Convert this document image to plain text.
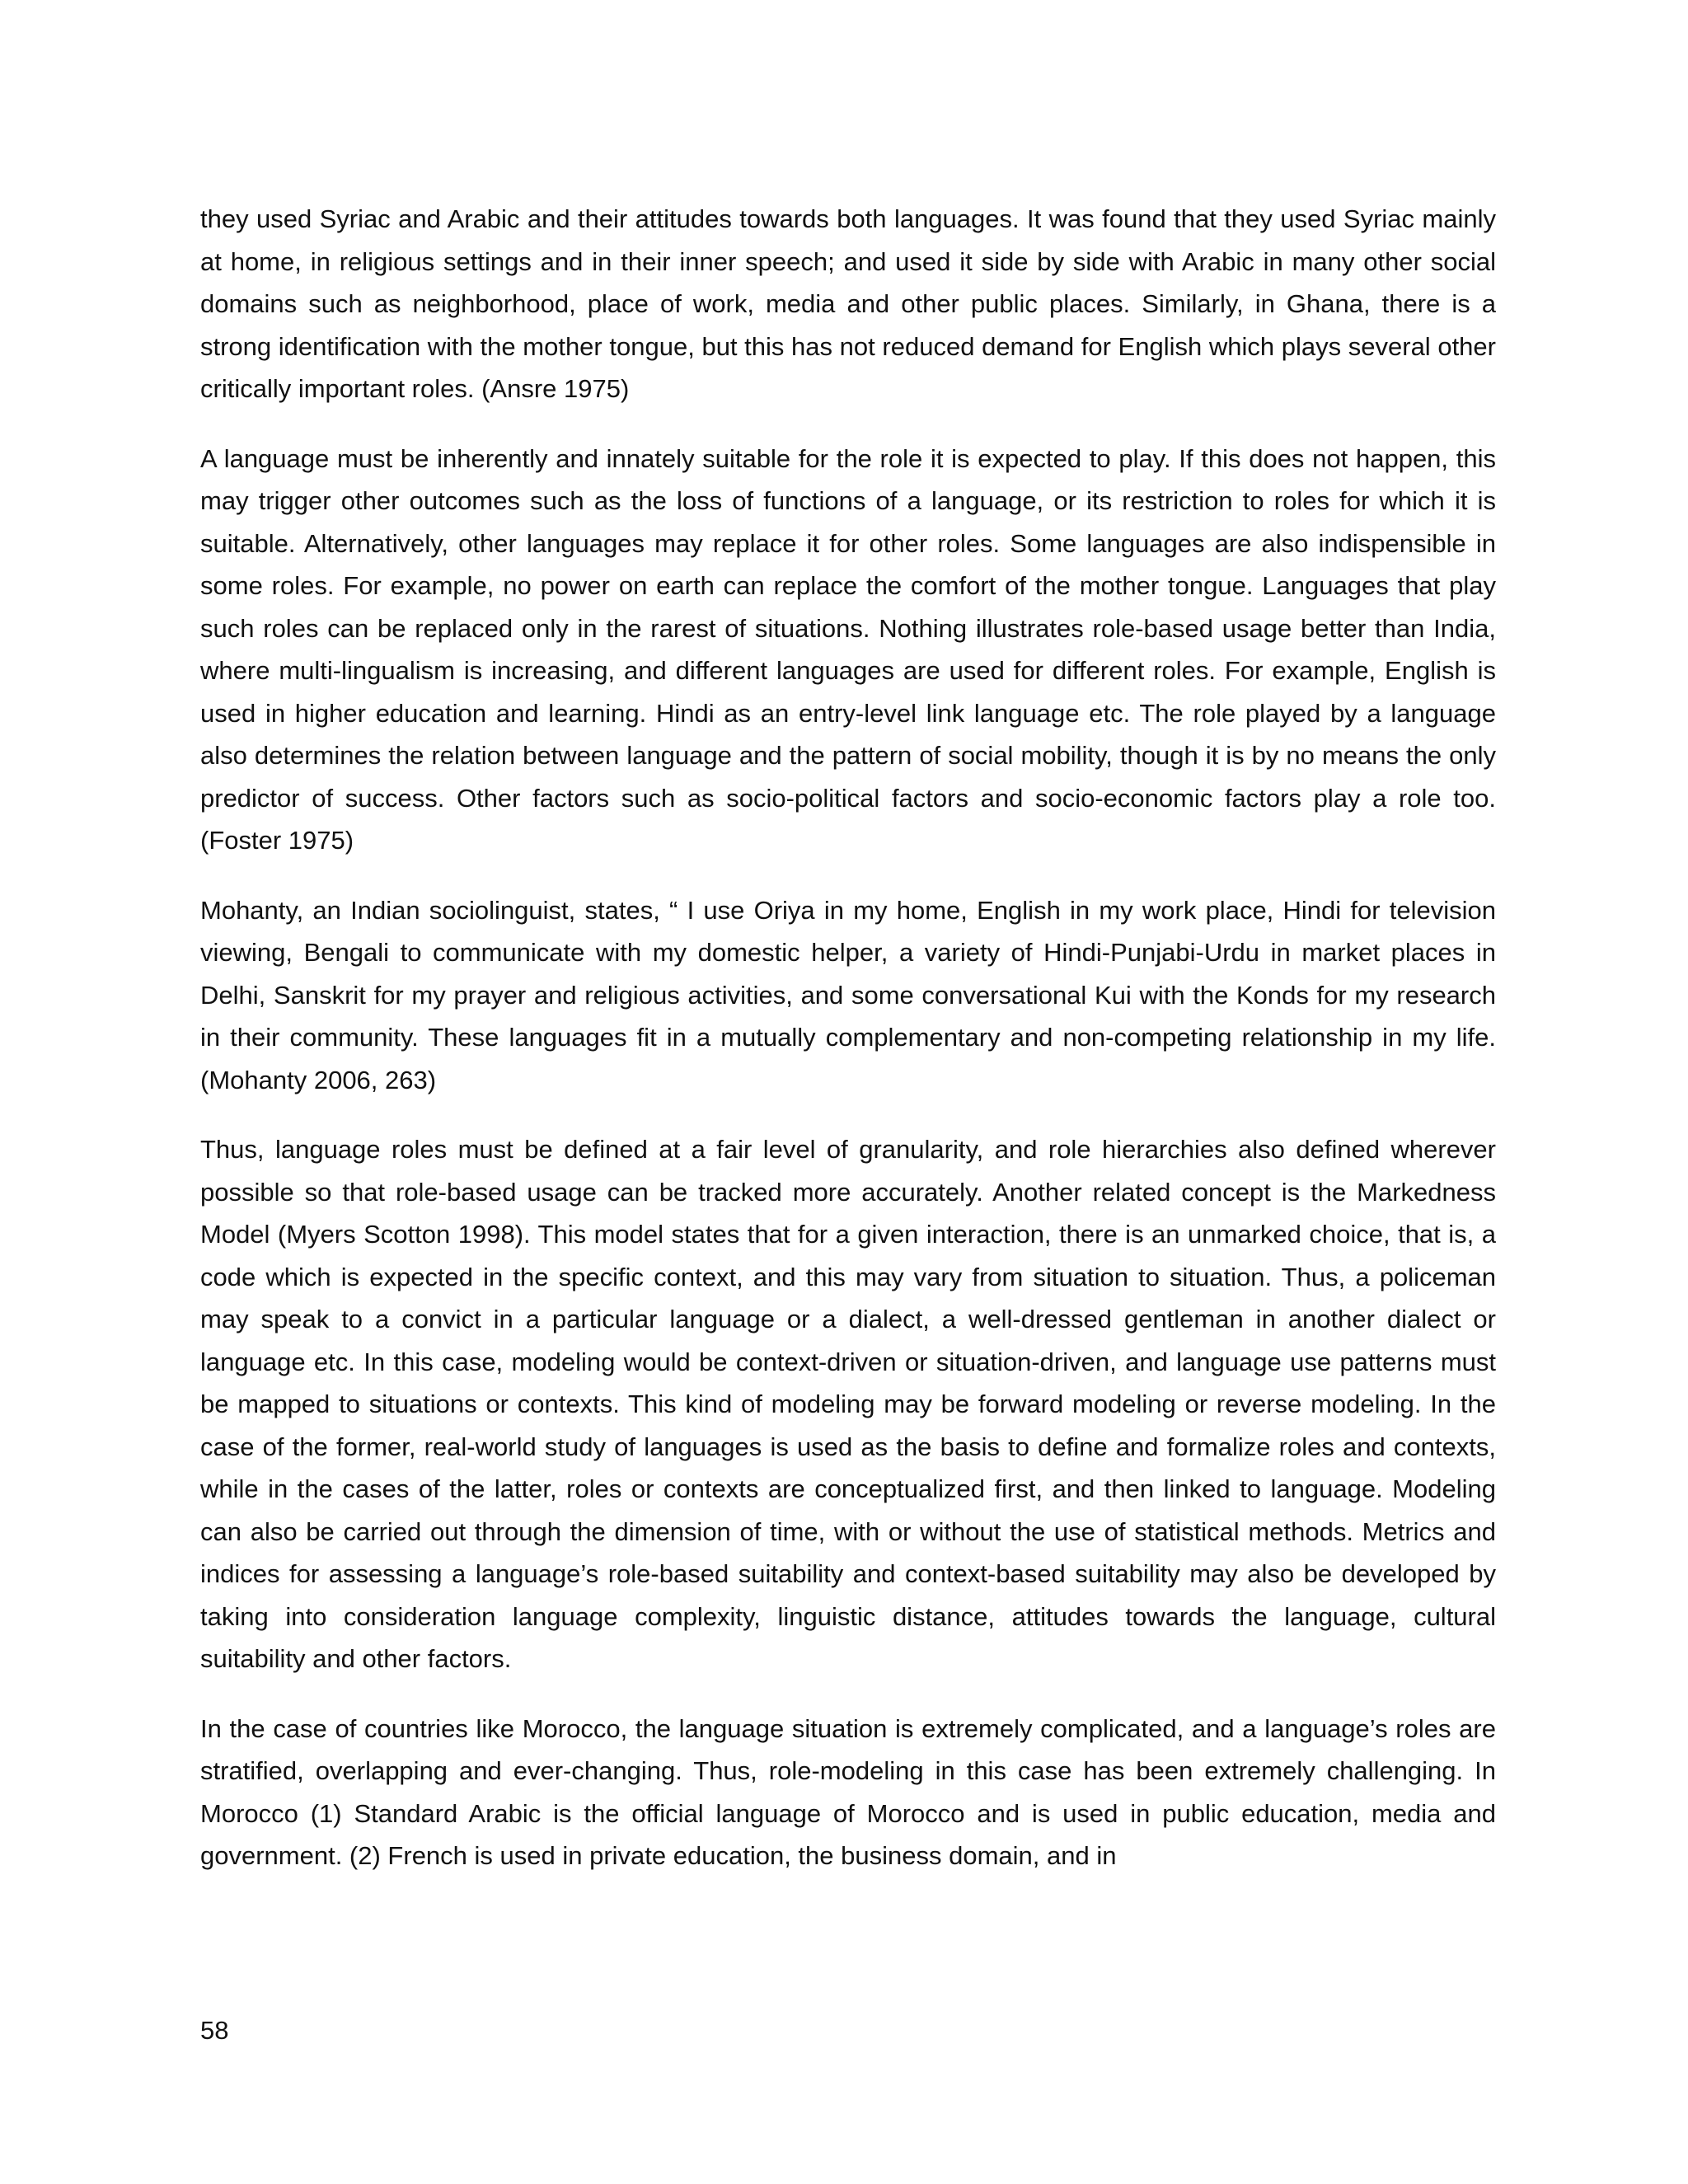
they used Syriac and Arabic and their attitudes towards both languages. It was found that they used Syriac mainly at home, in religious settings and in their inner speech; and used it side by side with Arabic in many other social domains such as neighborhood, place of work, media and other public places. Similarly, in Ghana, there is a strong identification with the mother tongue, but this has not reduced demand for English which plays several other critically important roles. (Ansre 1975)

A language must be inherently and innately suitable for the role it is expected to play. If this does not happen, this may trigger other outcomes such as the loss of functions of a language, or its restriction to roles for which it is suitable. Alternatively, other languages may replace it for other roles. Some languages are also indispensible in some roles. For example, no power on earth can replace the comfort of the mother tongue. Languages that play such roles can be replaced only in the rarest of situations. Nothing illustrates role-based usage better than India, where multi-lingualism is increasing, and different languages are used for different roles. For example, English is used in higher education and learning. Hindi as an entry-level link language etc. The role played by a language also determines the relation between language and the pattern of social mobility, though it is by no means the only predictor of success. Other factors such as socio-political factors and socio-economic factors play a role too. (Foster 1975)

Mohanty, an Indian sociolinguist, states, “ I use Oriya in my home, English in my work place, Hindi for television viewing, Bengali to communicate with my domestic helper, a variety of Hindi-Punjabi-Urdu in market places in Delhi, Sanskrit for my prayer and religious activities, and some conversational Kui with the Konds for my research in their community. These languages fit in a mutually complementary and non-competing relationship in my life. (Mohanty 2006, 263)

Thus, language roles must be defined at a fair level of granularity, and role hierarchies also defined wherever possible so that role-based usage can be tracked more accurately. Another related concept is the Markedness Model (Myers Scotton 1998). This model states that for a given interaction, there is an unmarked choice, that is, a code which is expected in the specific context, and this may vary from situation to situation. Thus, a policeman may speak to a convict in a particular language or a dialect, a well-dressed gentleman in another dialect or language etc. In this case, modeling would be context-driven or situation-driven, and language use patterns must be mapped to situations or contexts. This kind of modeling may be forward modeling or reverse modeling. In the case of the former, real-world study of languages is used as the basis to define and formalize roles and contexts, while in the cases of the latter, roles or contexts are conceptualized first, and then linked to language. Modeling can also be carried out through the dimension of time, with or without the use of statistical methods. Metrics and indices for assessing a language’s role-based suitability and context-based suitability may also be developed by taking into consideration language complexity, linguistic distance, attitudes towards the language, cultural suitability and other factors.

In the case of countries like Morocco, the language situation is extremely complicated, and a language’s roles are stratified, overlapping and ever-changing. Thus, role-modeling in this case has been extremely challenging. In Morocco (1) Standard Arabic is the official language of Morocco and is used in public education, media and government. (2) French is used in private education, the business domain, and in

58
